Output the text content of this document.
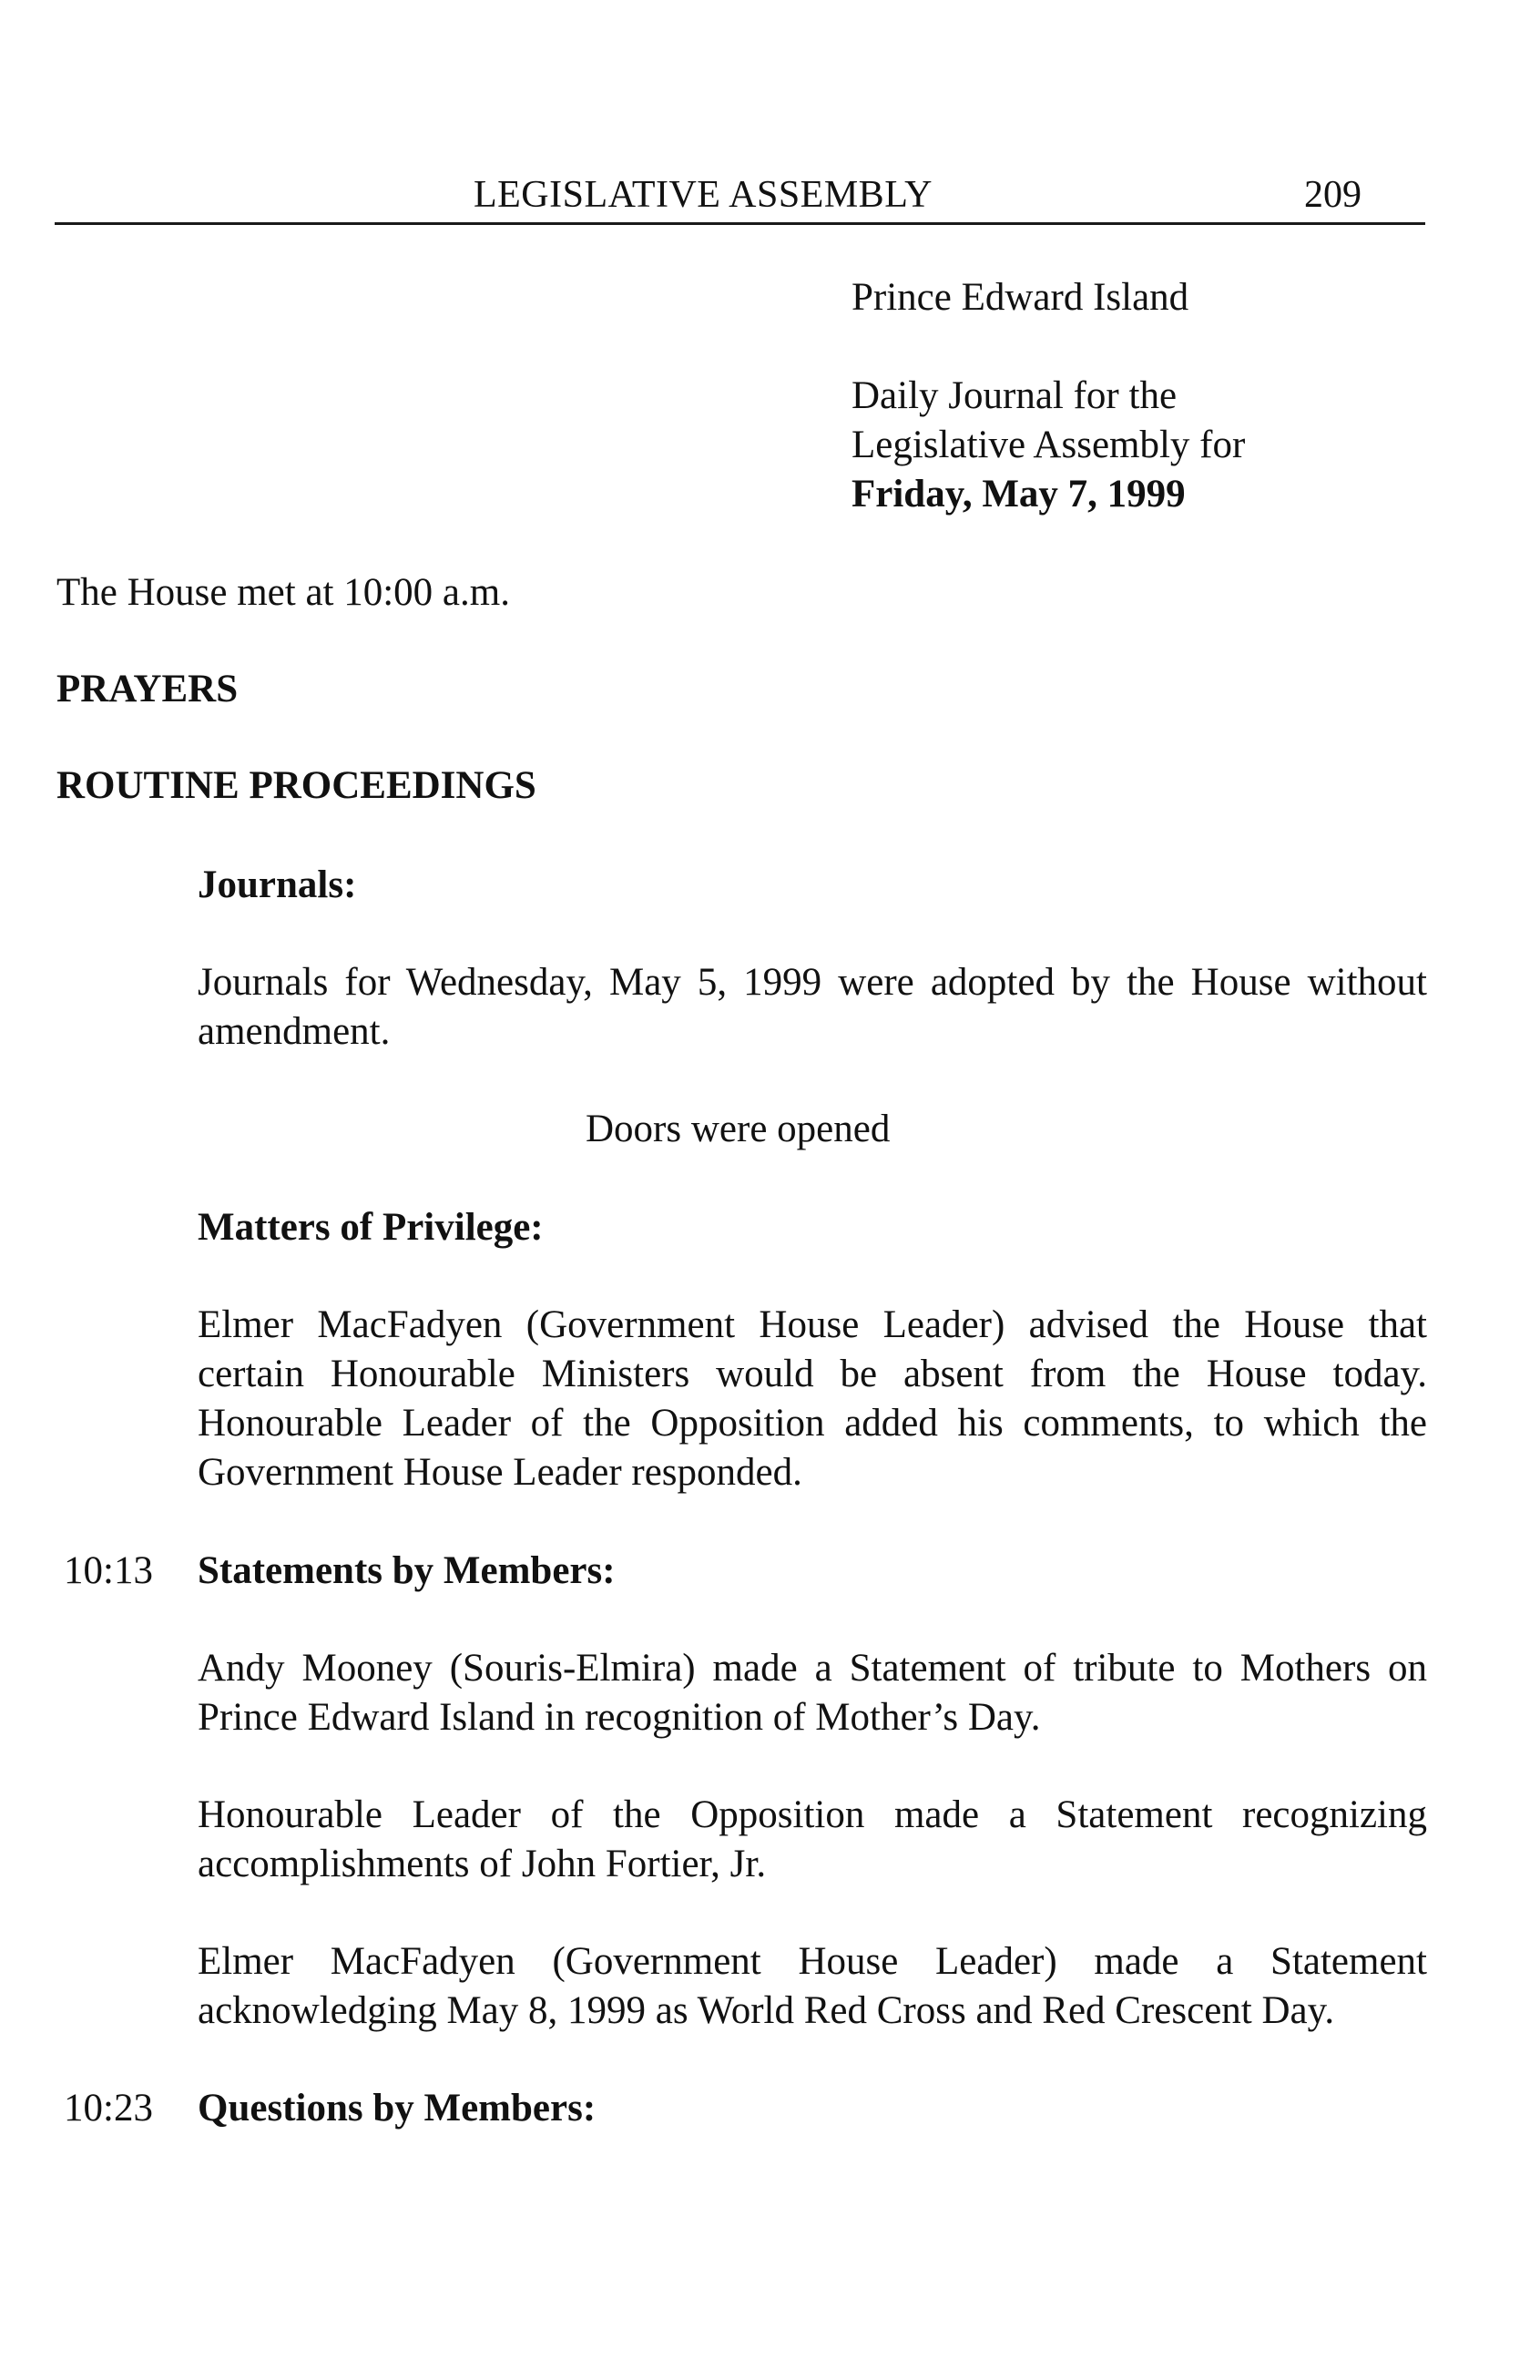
LEGISLATIVE ASSEMBLY	209
Prince Edward Island
Daily Journal for the
Legislative Assembly for
Friday, May 7, 1999
The House met at 10:00 a.m.
PRAYERS
ROUTINE PROCEEDINGS
Journals:
Journals for Wednesday, May 5, 1999 were adopted by the House without amendment.
Doors were opened
Matters of Privilege:
Elmer MacFadyen (Government House Leader) advised the House that certain Honourable Ministers would be absent from the House today. Honourable Leader of the Opposition added his comments, to which the Government House Leader responded.
10:13 Statements by Members:
Andy Mooney (Souris-Elmira) made a Statement of tribute to Mothers on Prince Edward Island in recognition of Mother’s Day.
Honourable Leader of the Opposition made a Statement recognizing accomplishments of John Fortier, Jr.
Elmer MacFadyen (Government House Leader) made a Statement acknowledging May 8, 1999 as World Red Cross and Red Crescent Day.
10:23 Questions by Members:
